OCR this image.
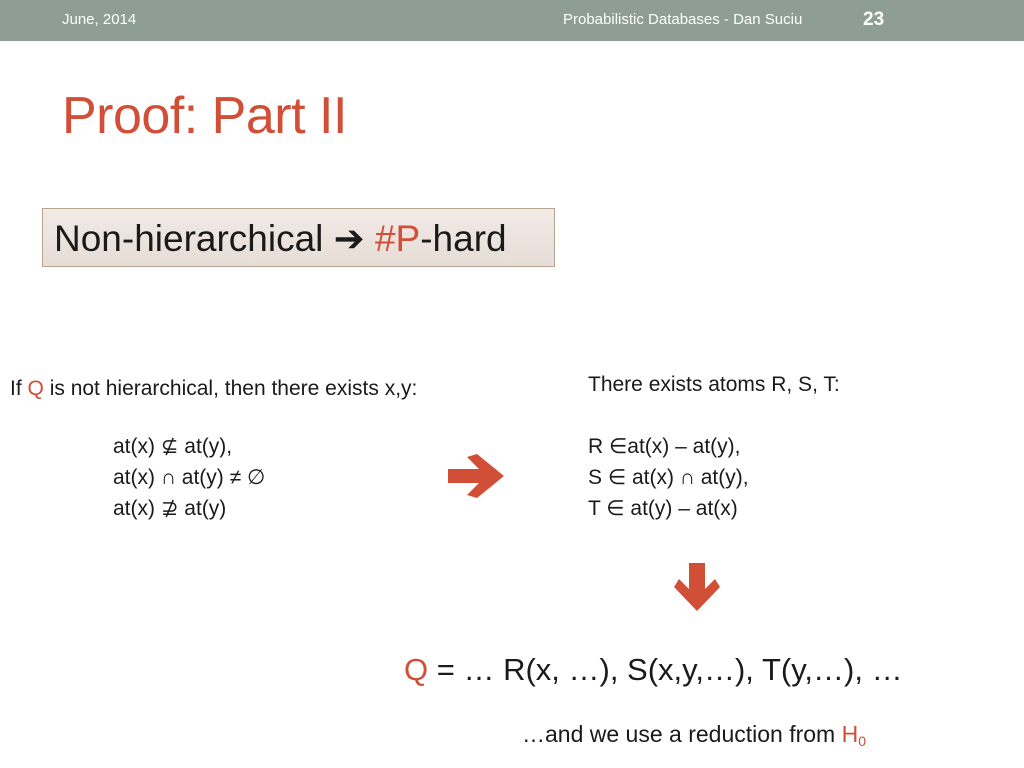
June, 2014	Probabilistic Databases - Dan Suciu	23
Proof: Part II
Non-hierarchical ➔ #P-hard
If Q is not hierarchical, then there exists x,y:
at(x) ⊈ at(y),
at(x) ∩ at(y) ≠ ∅
at(x) ⊉ at(y)
There exists atoms R, S, T:
R ∈at(x) – at(y),
S ∈ at(x) ∩ at(y),
T ∈ at(y) – at(x)
Q = … R(x, …), S(x,y,…), T(y,…), …
…and we use a reduction from $H_0$
